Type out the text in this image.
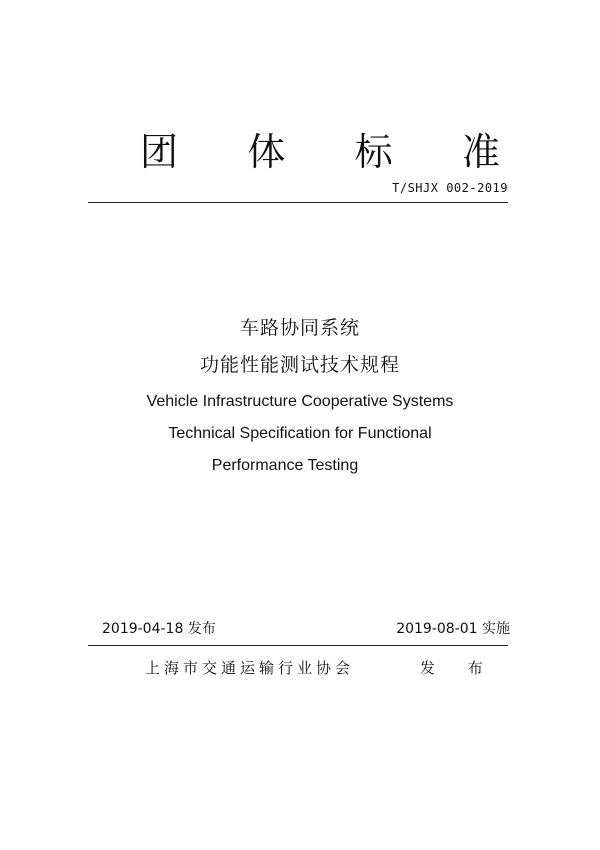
团 体 标 准
T/SHJX 002-2019
车路协同系统
功能性能测试技术规程
Vehicle Infrastructure Cooperative Systems
Technical Specification for Functional
Performance Testing
2019-04-18 发布	2019-08-01 实施
上海市交通运输行业协会	发 布
